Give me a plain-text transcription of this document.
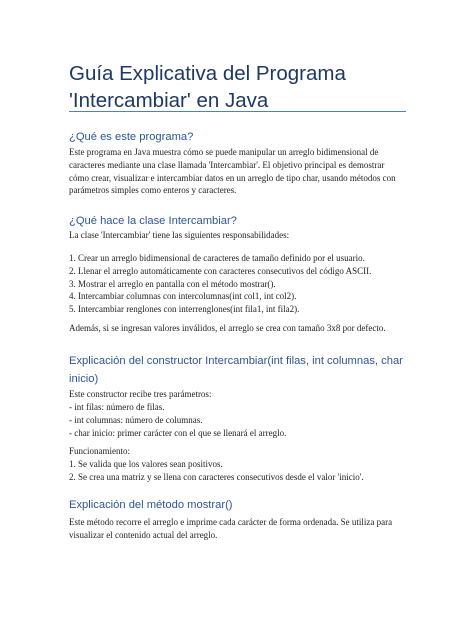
Guía Explicativa del Programa
'Intercambiar' en Java
¿Qué es este programa?
Este programa en Java muestra cómo se puede manipular un arreglo bidimensional de
caracteres mediante una clase llamada 'Intercambiar'. El objetivo principal es demostrar
cómo crear, visualizar e intercambiar datos en un arreglo de tipo char, usando métodos con
parámetros simples como enteros y caracteres.
¿Qué hace la clase Intercambiar?
La clase 'Intercambiar' tiene las siguientes responsabilidades:
1. Crear un arreglo bidimensional de caracteres de tamaño definido por el usuario.
2. Llenar el arreglo automáticamente con caracteres consecutivos del código ASCII.
3. Mostrar el arreglo en pantalla con el método mostrar().
4. Intercambiar columnas con intercolumnas(int col1, int col2).
5. Intercambiar renglones con interrenglones(int fila1, int fila2).
Además, si se ingresan valores inválidos, el arreglo se crea con tamaño 3x8 por defecto.
Explicación del constructor Intercambiar(int filas, int columnas, char
inicio)
Este constructor recibe tres parámetros:
- int filas: número de filas.
- int columnas: número de columnas.
- char inicio: primer carácter con el que se llenará el arreglo.
Funcionamiento:
1. Se valida que los valores sean positivos.
2. Se crea una matriz y se llena con caracteres consecutivos desde el valor 'inicio'.
Explicación del método mostrar()
Este método recorre el arreglo e imprime cada carácter de forma ordenada. Se utiliza para
visualizar el contenido actual del arreglo.
